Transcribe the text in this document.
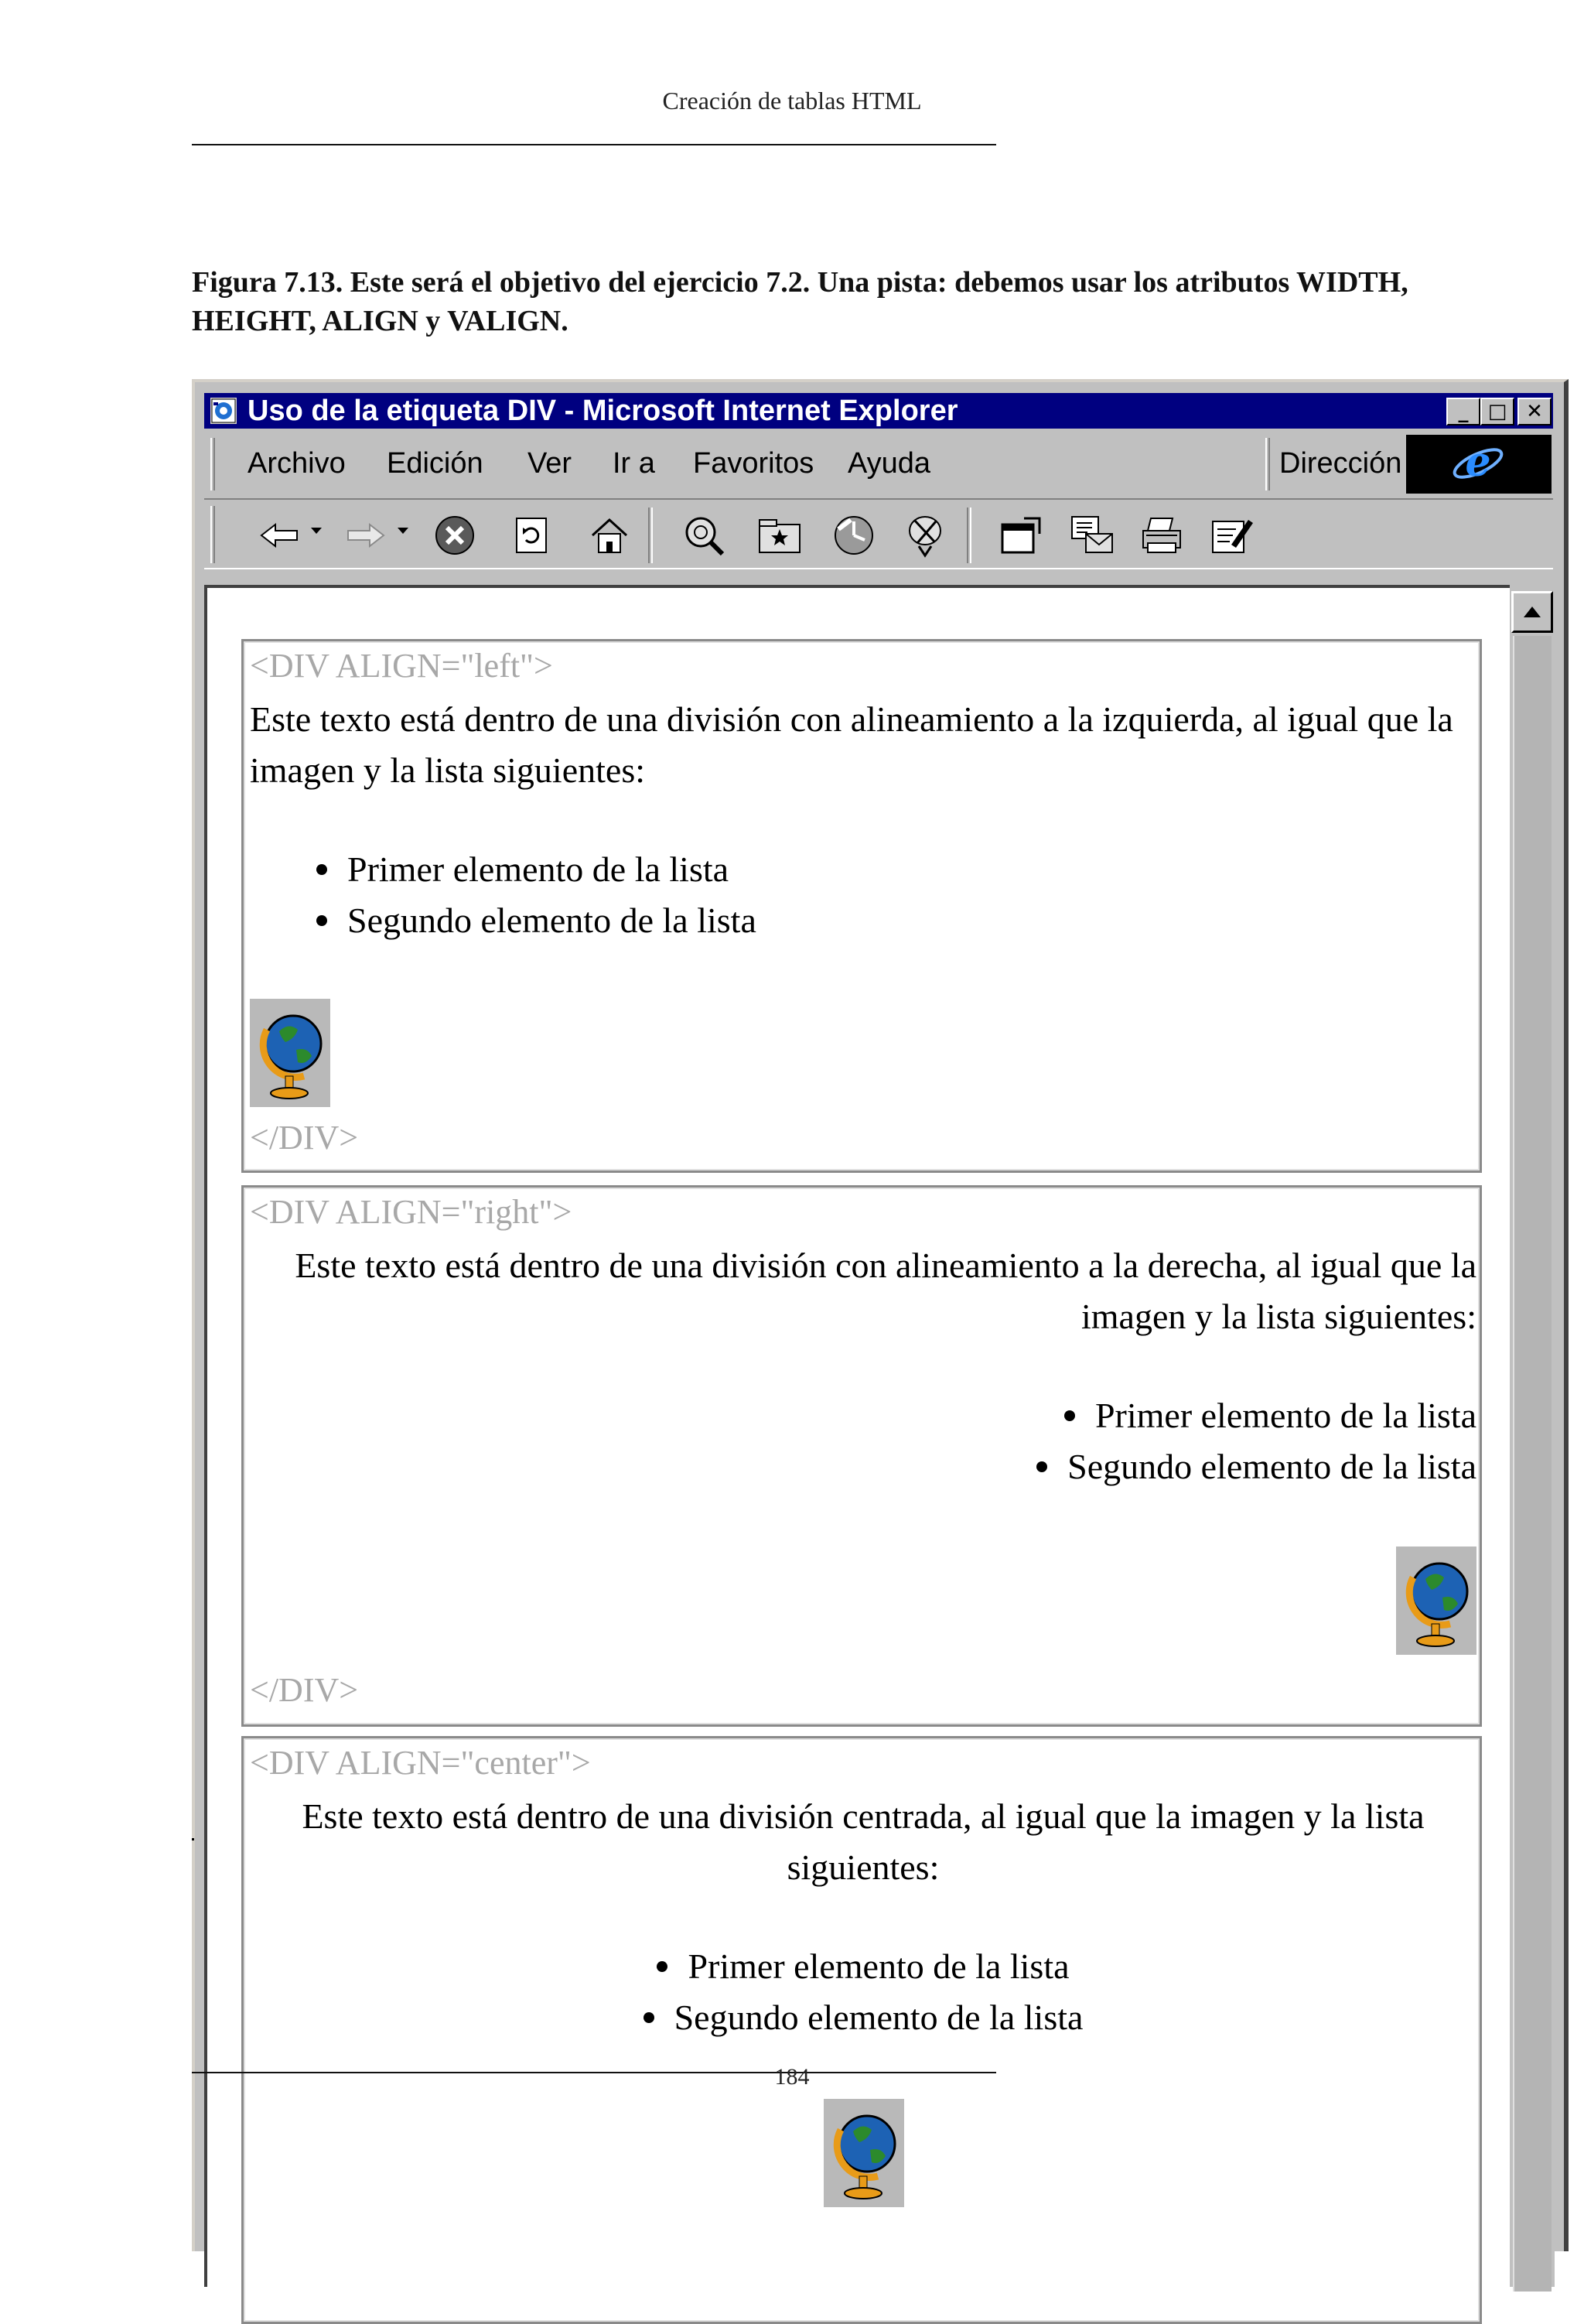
Creación de tablas HTML
Figura 7.13. Este será el objetivo del ejercicio 7.2. Una pista: debemos usar los atributos WIDTH, HEIGHT, ALIGN y VALIGN.
Uso de la etiqueta DIV - Microsoft Internet Explorer	_ □ ✕
Archivo Edición Ver Ir a Favoritos Ayuda	Dirección e
<DIV ALIGN="left">
Este texto está dentro de una división con alineamiento a la izquierda, al igual que la imagen y la lista siguientes:
Primer elemento de la lista
Segundo elemento de la lista
</DIV>
<DIV ALIGN="right">
Este texto está dentro de una división con alineamiento a la derecha, al igual que la imagen y la lista siguientes:
Primer elemento de la lista
Segundo elemento de la lista
</DIV>
<DIV ALIGN="center">
Este texto está dentro de una división centrada, al igual que la imagen y la lista siguientes:
Primer elemento de la lista
Segundo elemento de la lista
184
